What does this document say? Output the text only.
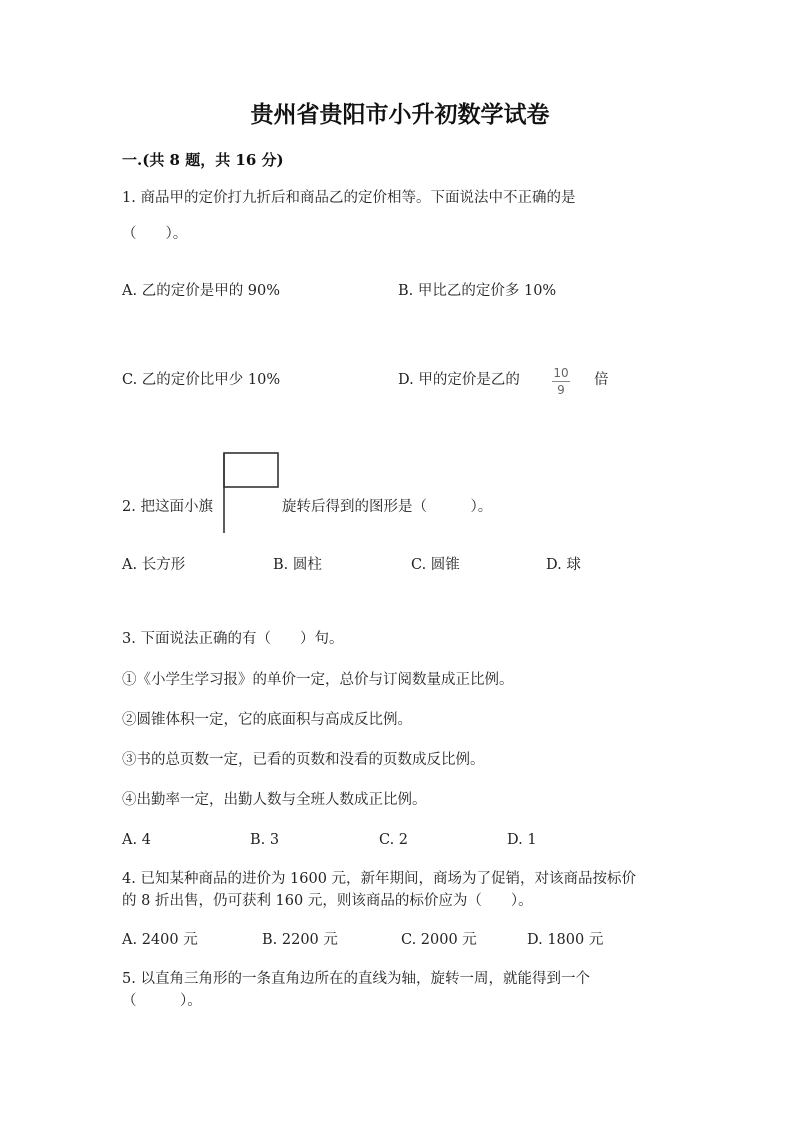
贵州省贵阳市小升初数学试卷
一.(共 8 题，共 16 分)
1. 商品甲的定价打九折后和商品乙的定价相等。下面说法中不正确的是
（　　）。
A. 乙的定价是甲的 90%	B. 甲比乙的定价多 10%
C. 乙的定价比甲少 10%	D. 甲的定价是乙的	10
9
倍
2. 把这面小旗	旋转后得到的图形是（　　　）。
A. 长方形	B. 圆柱	C. 圆锥	D. 球
3. 下面说法正确的有（　　）句。
①《小学生学习报》的单价一定，总价与订阅数量成正比例。
②圆锥体积一定，它的底面积与高成反比例。
③书的总页数一定，已看的页数和没看的页数成反比例。
④出勤率一定，出勤人数与全班人数成正比例。
A. 4	B. 3	C. 2	D. 1
4. 已知某种商品的进价为 1600 元，新年期间，商场为了促销，对该商品按标价
的 8 折出售，仍可获利 160 元，则该商品的标价应为（　　）。
A. 2400 元	B. 2200 元	C. 2000 元	D. 1800 元
5. 以直角三角形的一条直角边所在的直线为轴，旋转一周，就能得到一个
（　　　）。
